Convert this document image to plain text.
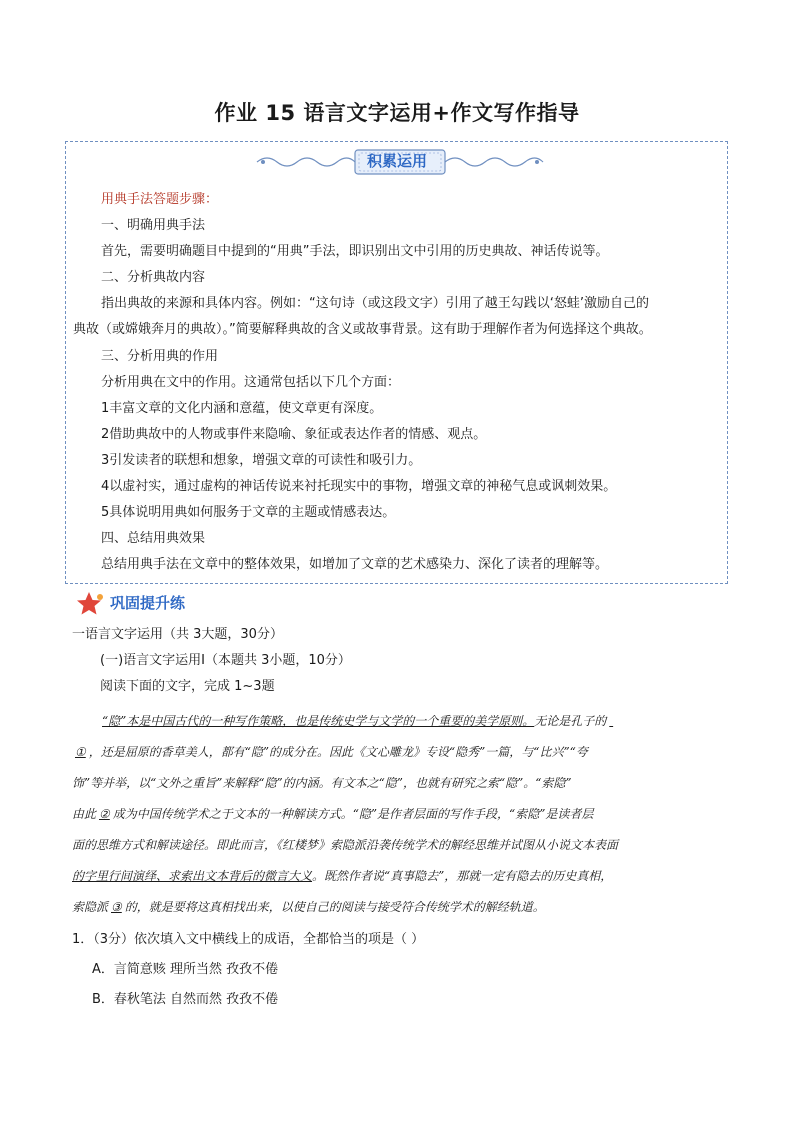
作业 15 语言文字运用+作文写作指导
积累运用
用典手法答题步骤：
一、明确用典手法
首先，需要明确题目中提到的“用典”手法，即识别出文中引用的历史典故、神话传说等。
二、分析典故内容
指出典故的来源和具体内容。例如：“这句诗（或这段文字）引用了越王勾践以‘怒蛙’激励自己的
典故（或嫦娥奔月的典故）。”简要解释典故的含义或故事背景。这有助于理解作者为何选择这个典故。
三、分析用典的作用
分析用典在文中的作用。这通常包括以下几个方面：
1丰富文章的文化内涵和意蕴，使文章更有深度。
2借助典故中的人物或事件来隐喻、象征或表达作者的情感、观点。
3引发读者的联想和想象，增强文章的可读性和吸引力。
4以虚衬实，通过虚构的神话传说来衬托现实中的事物，增强文章的神秘气息或讽刺效果。
5具体说明用典如何服务于文章的主题或情感表达。
四、总结用典效果
总结用典手法在文章中的整体效果，如增加了文章的艺术感染力、深化了读者的理解等。
巩固提升练
一语言文字运用（共 3大题，30分）
(一)语言文字运用Ⅰ（本题共 3小题，10分）
阅读下面的文字，完成 1~3题
“隐”本是中国古代的一种写作策略，也是传统史学与文学的一个重要的美学原则。无论是孔子的
① ，还是屈原的香草美人，都有“隐”的成分在。因此《文心雕龙》专设“隐秀”一篇，与“比兴”“夸
饰”等并举，以“文外之重旨”来解释“隐”的内涵。有文本之“隐”，也就有研究之索“隐”。“索隐”
由此 ② 成为中国传统学术之于文本的一种解读方式。“隐”是作者层面的写作手段，“索隐”是读者层
面的思维方式和解读途径。即此而言，《红楼梦》索隐派沿袭传统学术的解经思维并试图从小说文本表面
的字里行间演绎、求索出文本背后的微言大义。既然作者说“真事隐去”，那就一定有隐去的历史真相，
索隐派 ③ 的，就是要将这真相找出来，以使自己的阅读与接受符合传统学术的解经轨道。
1．（3分）依次填入文中横线上的成语，全都恰当的项是（ ）
A．言简意赅 理所当然 孜孜不倦
B．春秋笔法 自然而然 孜孜不倦
